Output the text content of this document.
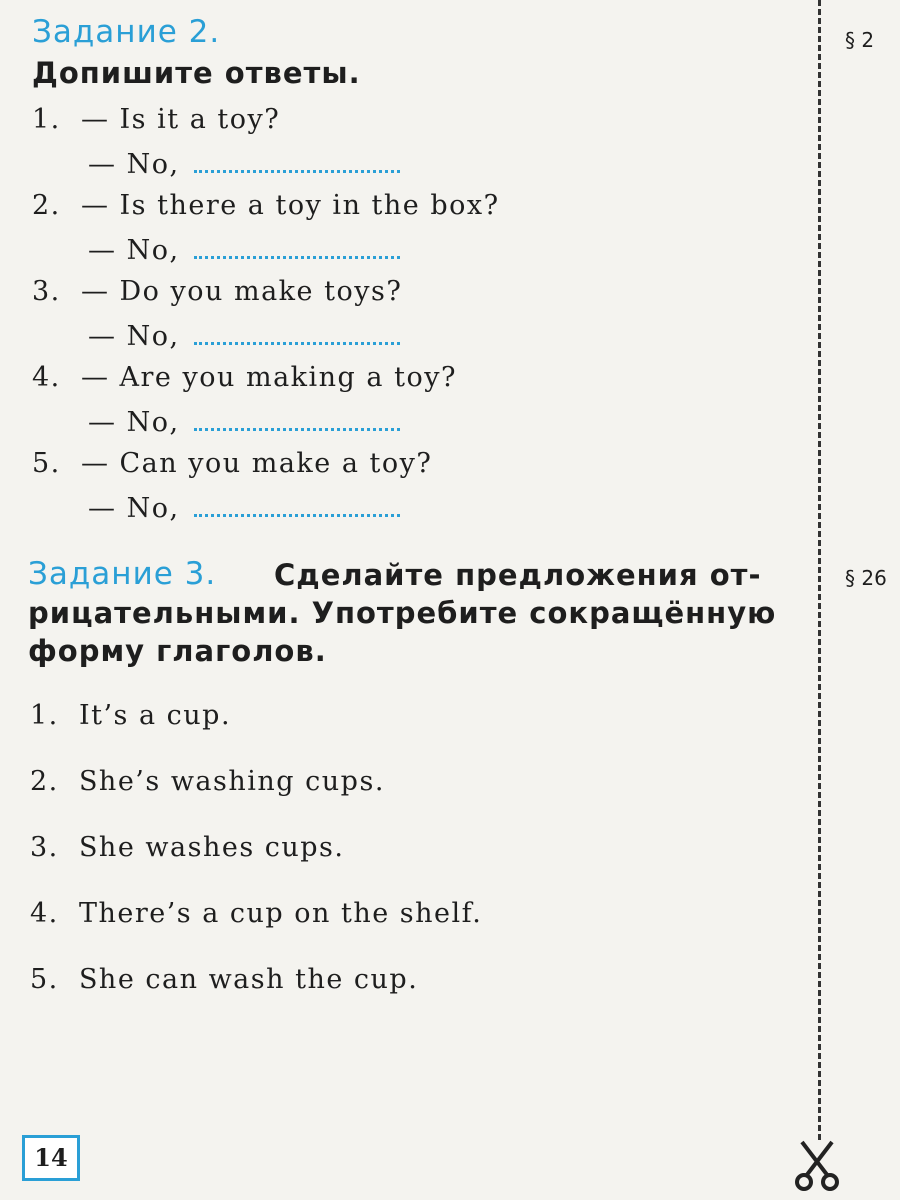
Задание 2.	§ 2
Допишите ответы.
1. — Is it a toy?
— No,
2. — Is there a toy in the box?
— No,
3. — Do you make toys?
— No,
4. — Are you making a toy?
— No,
5. — Can you make a toy?
— No,
Задание 3. Сделайте предложения от-	§ 26
рицательными. Употребите сокращённую
форму глаголов.
1. It’s a cup.
2. She’s washing cups.
3. She washes cups.
4. There’s a cup on the shelf.
5. She can wash the cup.
14
